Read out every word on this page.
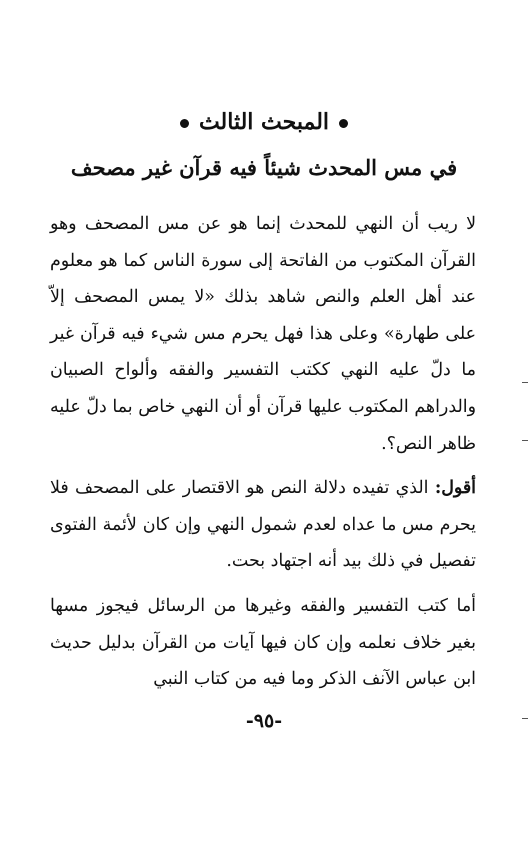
المبحث الثالث
في مس المحدث شيئاً فيه قرآن غير مصحف

لا ريب أن النهي للمحدث إنما هو عن مس المصحف وهو القرآن المكتوب من الفاتحة إلى سورة الناس كما هو معلوم عند أهل العلم والنص شاهد بذلك «لا يمس المصحف إلاّ على طهارة» وعلى هذا فهل يحرم مس شيء فيه قرآن غير ما دلّ عليه النهي ككتب التفسير والفقه وألواح الصبيان والدراهم المكتوب عليها قرآن أو أن النهي خاص بما دلّ عليه ظاهر النص؟.

أقول: الذي تفيده دلالة النص هو الاقتصار على المصحف فلا يحرم مس ما عداه لعدم شمول النهي وإن كان لأئمة الفتوى تفصيل في ذلك بيد أنه اجتهاد بحت.

أما كتب التفسير والفقه وغيرها من الرسائل فيجوز مسها بغير خلاف نعلمه وإن كان فيها آيات من القرآن بدليل حديث ابن عباس الآنف الذكر وما فيه من كتاب النبي

-٩٥-
